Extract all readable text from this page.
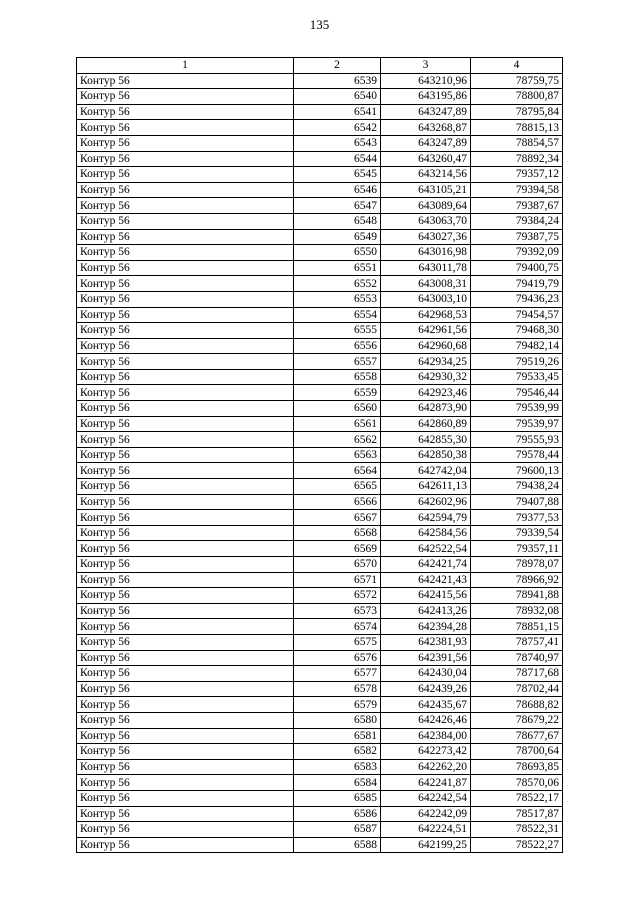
135
1	2	3	4
Контур 56	6539	643210,96	78759,75
Контур 56	6540	643195,86	78800,87
Контур 56	6541	643247,89	78795,84
Контур 56	6542	643268,87	78815,13
Контур 56	6543	643247,89	78854,57
Контур 56	6544	643260,47	78892,34
Контур 56	6545	643214,56	79357,12
Контур 56	6546	643105,21	79394,58
Контур 56	6547	643089,64	79387,67
Контур 56	6548	643063,70	79384,24
Контур 56	6549	643027,36	79387,75
Контур 56	6550	643016,98	79392,09
Контур 56	6551	643011,78	79400,75
Контур 56	6552	643008,31	79419,79
Контур 56	6553	643003,10	79436,23
Контур 56	6554	642968,53	79454,57
Контур 56	6555	642961,56	79468,30
Контур 56	6556	642960,68	79482,14
Контур 56	6557	642934,25	79519,26
Контур 56	6558	642930,32	79533,45
Контур 56	6559	642923,46	79546,44
Контур 56	6560	642873,90	79539,99
Контур 56	6561	642860,89	79539,97
Контур 56	6562	642855,30	79555,93
Контур 56	6563	642850,38	79578,44
Контур 56	6564	642742,04	79600,13
Контур 56	6565	642611,13	79438,24
Контур 56	6566	642602,96	79407,88
Контур 56	6567	642594,79	79377,53
Контур 56	6568	642584,56	79339,54
Контур 56	6569	642522,54	79357,11
Контур 56	6570	642421,74	78978,07
Контур 56	6571	642421,43	78966,92
Контур 56	6572	642415,56	78941,88
Контур 56	6573	642413,26	78932,08
Контур 56	6574	642394,28	78851,15
Контур 56	6575	642381,93	78757,41
Контур 56	6576	642391,56	78740,97
Контур 56	6577	642430,04	78717,68
Контур 56	6578	642439,26	78702,44
Контур 56	6579	642435,67	78688,82
Контур 56	6580	642426,46	78679,22
Контур 56	6581	642384,00	78677,67
Контур 56	6582	642273,42	78700,64
Контур 56	6583	642262,20	78693,85
Контур 56	6584	642241,87	78570,06
Контур 56	6585	642242,54	78522,17
Контур 56	6586	642242,09	78517,87
Контур 56	6587	642224,51	78522,31
Контур 56	6588	642199,25	78522,27
